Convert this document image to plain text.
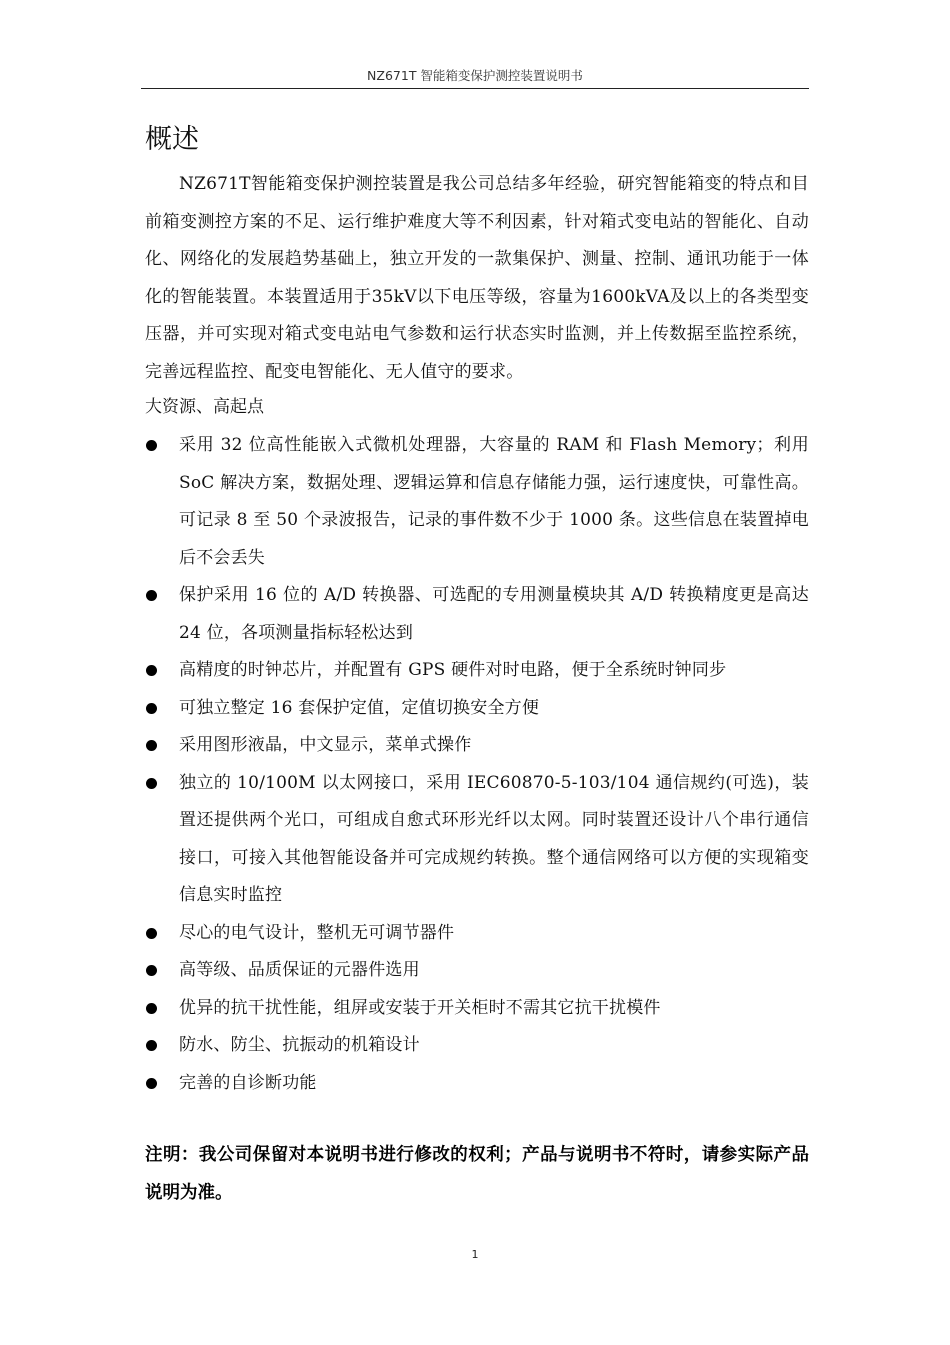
NZ671T 智能箱变保护测控装置说明书
概述
NZ671T智能箱变保护测控装置是我公司总结多年经验，研究智能箱变的特点和目前箱变测控方案的不足、运行维护难度大等不利因素，针对箱式变电站的智能化、自动化、网络化的发展趋势基础上，独立开发的一款集保护、测量、控制、通讯功能于一体化的智能装置。本装置适用于35kV以下电压等级，容量为1600kVA及以上的各类型变压器，并可实现对箱式变电站电气参数和运行状态实时监测，并上传数据至监控系统，完善远程监控、配变电智能化、无人值守的要求。
大资源、高起点
采用 32 位高性能嵌入式微机处理器，大容量的 RAM 和 Flash Memory；利用 SoC 解决方案，数据处理、逻辑运算和信息存储能力强，运行速度快，可靠性高。可记录 8 至 50 个录波报告，记录的事件数不少于 1000 条。这些信息在装置掉电后不会丢失
保护采用 16 位的 A/D 转换器、可选配的专用测量模块其 A/D 转换精度更是高达 24 位，各项测量指标轻松达到
高精度的时钟芯片，并配置有 GPS 硬件对时电路，便于全系统时钟同步
可独立整定 16 套保护定值，定值切换安全方便
采用图形液晶，中文显示，菜单式操作
独立的 10/100M 以太网接口，采用 IEC60870-5-103/104 通信规约(可选)，装置还提供两个光口，可组成自愈式环形光纤以太网。同时装置还设计八个串行通信接口，可接入其他智能设备并可完成规约转换。整个通信网络可以方便的实现箱变信息实时监控
尽心的电气设计，整机无可调节器件
高等级、品质保证的元器件选用
优异的抗干扰性能，组屏或安装于开关柜时不需其它抗干扰模件
防水、防尘、抗振动的机箱设计
完善的自诊断功能
注明：我公司保留对本说明书进行修改的权利；产品与说明书不符时，请参实际产品说明为准。
1
